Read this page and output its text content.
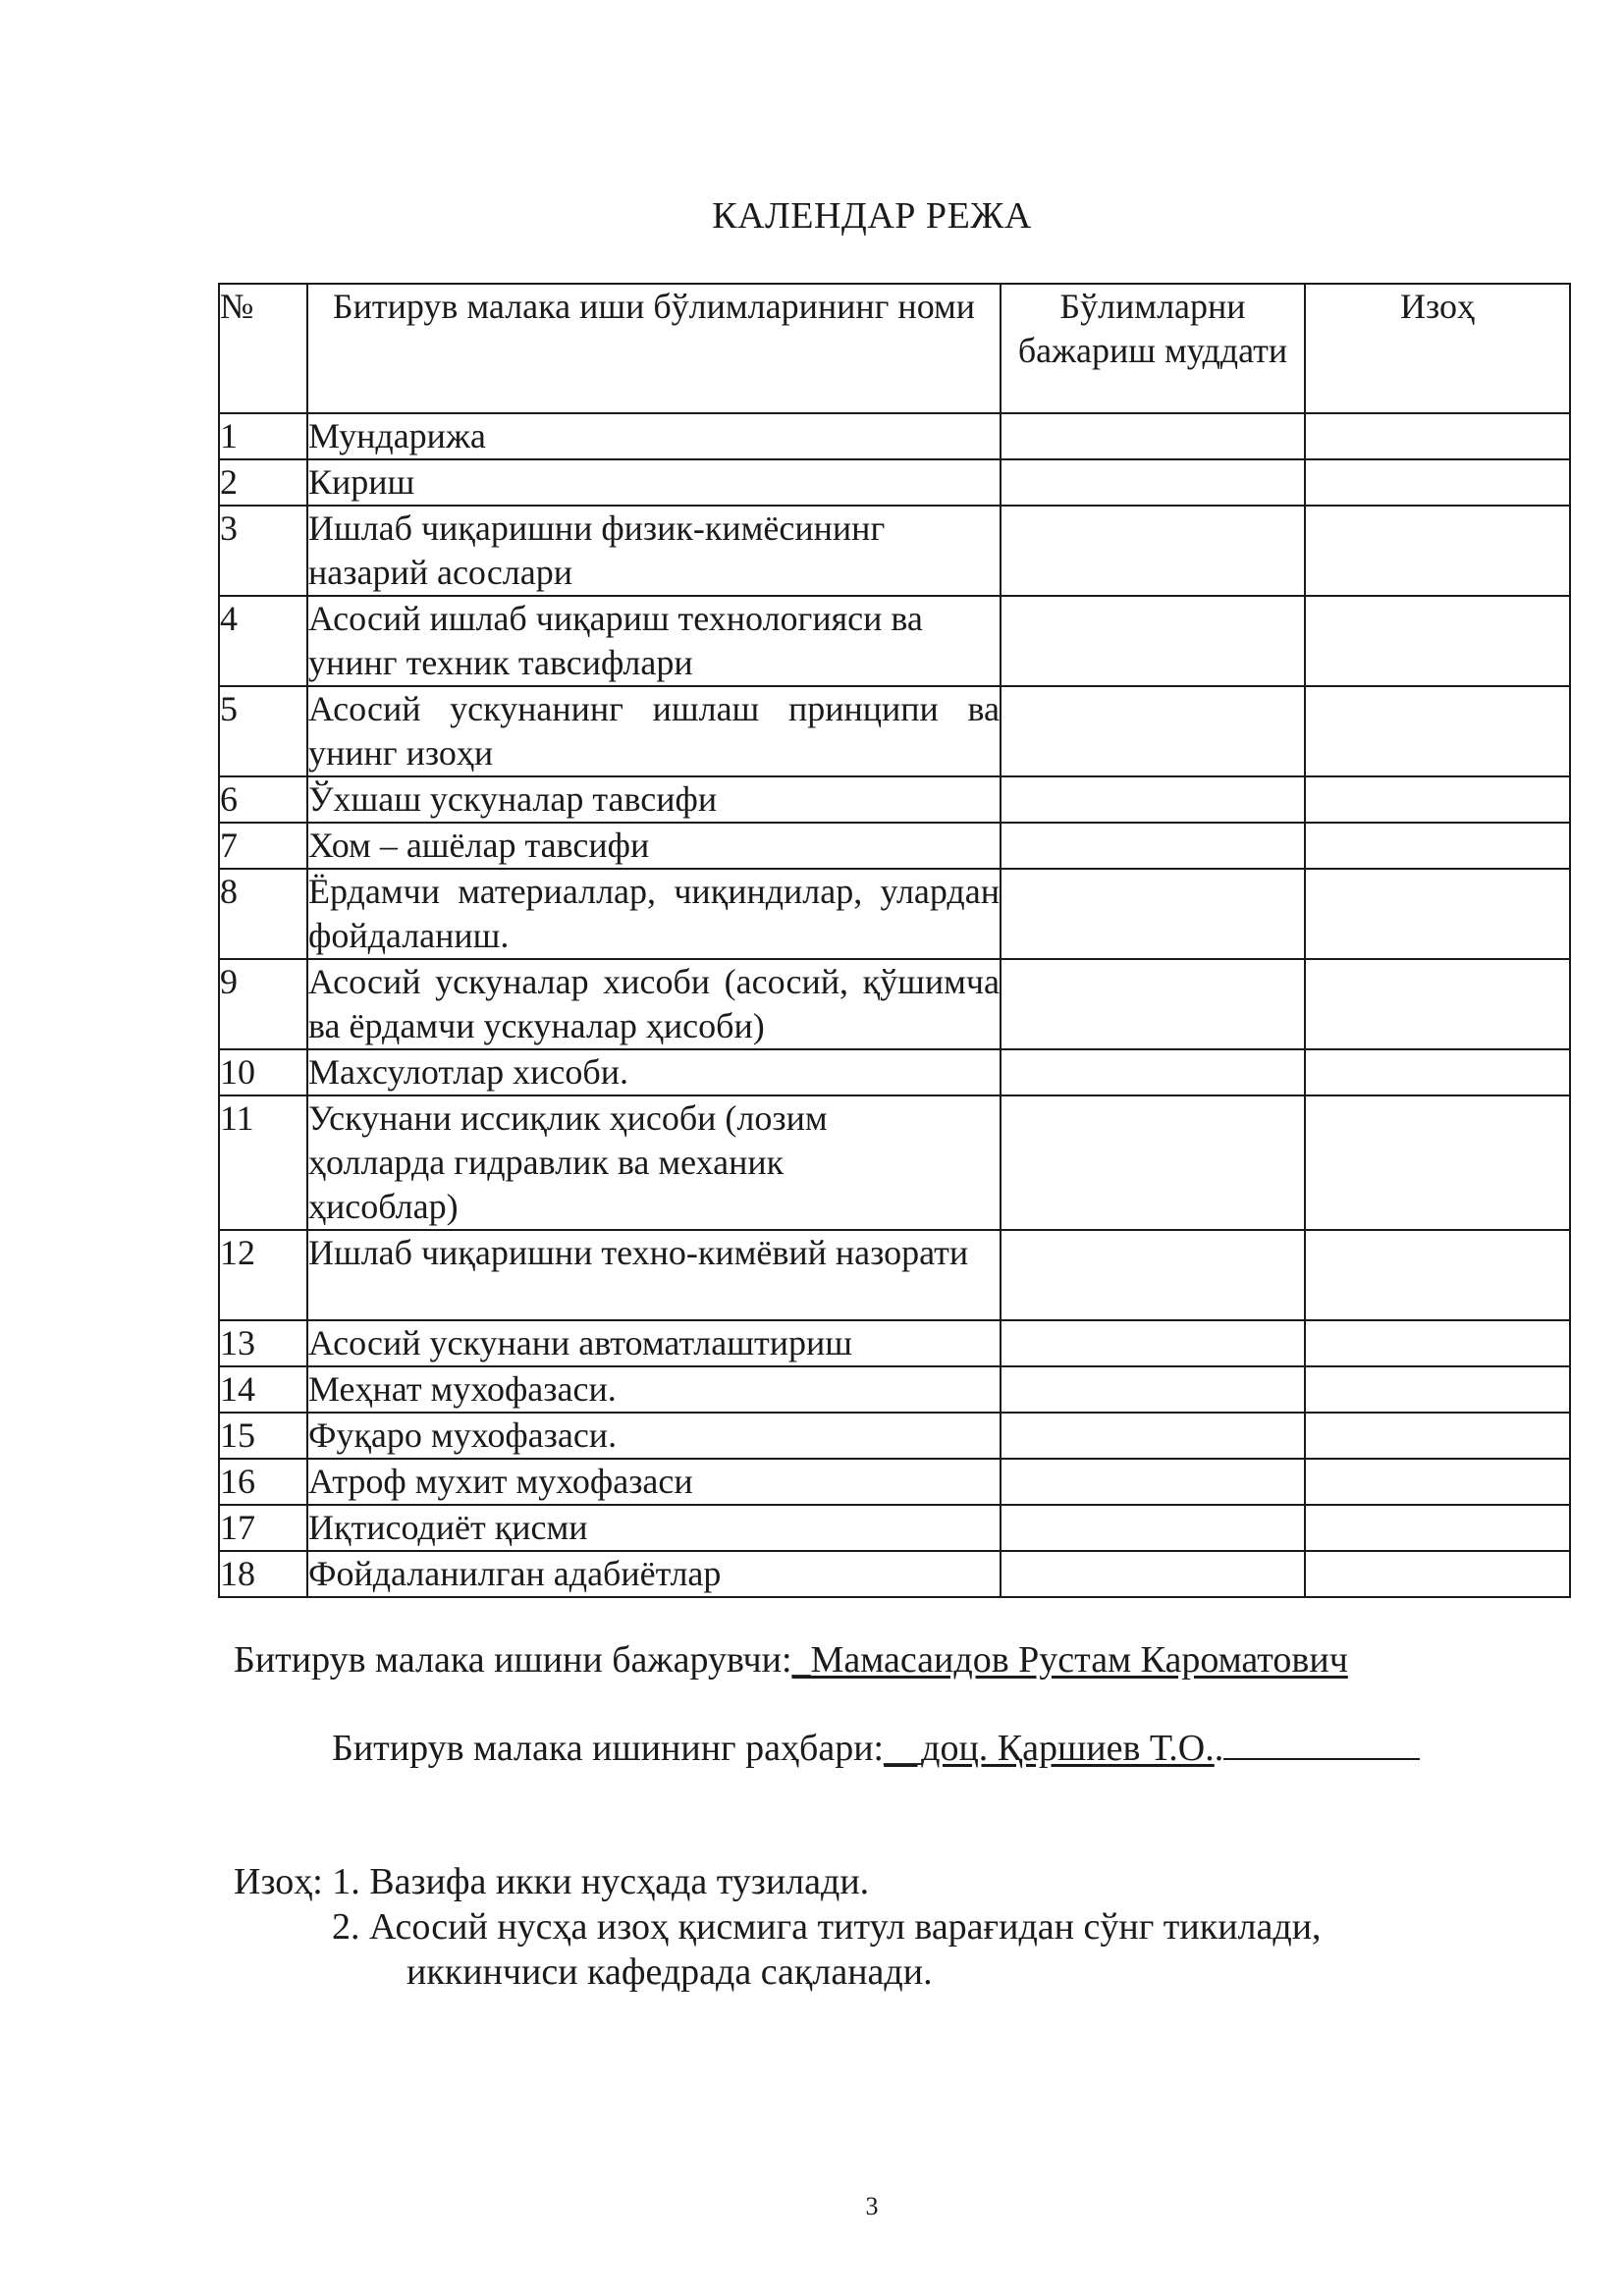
КАЛЕНДАР РЕЖА
№	Битирув малака иши бўлимларининг номи	Бўлимларни бажариш муддати	Изоҳ
1	Мундарижа		
2	Кириш		
3	Ишлаб чиқаришни физик-кимёсининг назарий асослари		
4	Асосий ишлаб чиқариш технологияси ва унинг техник тавсифлари		
5	Асосий ускунанинг ишлаш принципи ва унинг изоҳи		
6	Ўхшаш ускуналар тавсифи		
7	Хом – ашёлар тавсифи		
8	Ёрдамчи материаллар, чиқиндилар, улардан фойдаланиш.		
9	Асосий ускуналар хисоби (асосий, қўшимча ва ёрдамчи ускуналар ҳисоби)		
10	Махсулотлар хисоби.		
11	Ускунани иссиқлик ҳисоби (лозим ҳолларда гидравлик ва механик ҳисоблар)		
12	Ишлаб чиқаришни техно-кимёвий назорати		
13	Асосий ускунани автоматлаштириш		
14	Меҳнат мухофазаси.		
15	Фуқаро мухофазаси.		
16	Атроф мухит мухофазаси		
17	Иқтисодиёт қисми		
18	Фойдаланилган адабиётлар		
Битирув малака ишини бажарувчи:_Мамасаидов Рустам Кароматович
Битирув малака ишининг раҳбари:__доц. Қаршиев Т.О..
Изоҳ: 1. Вазифа икки нусҳада тузилади.
2. Асосий нусҳа изоҳ қисмига титул варағидан сўнг тикилади,
иккинчиси кафедрада сақланади.
3
